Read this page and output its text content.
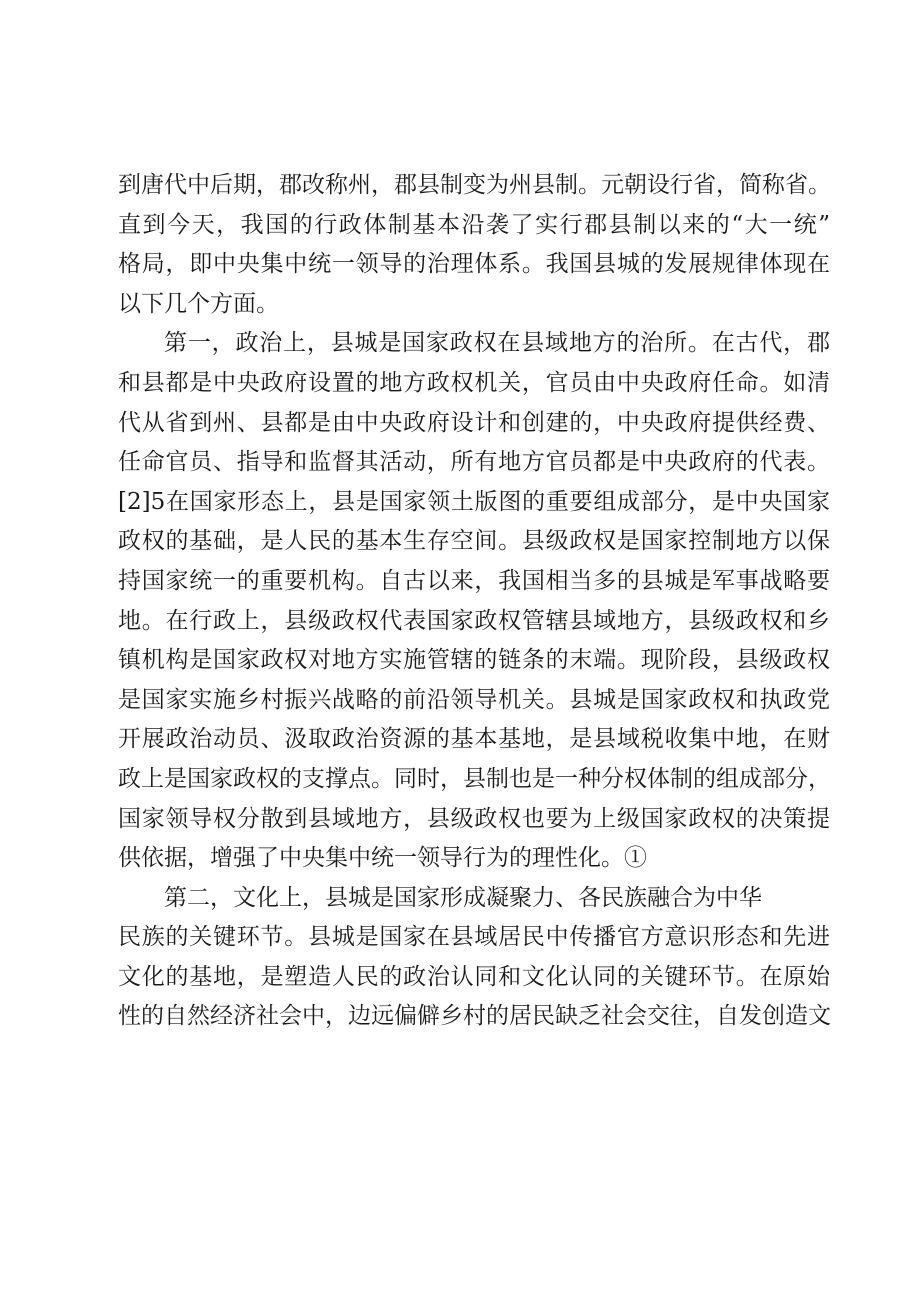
到唐代中后期，郡改称州，郡县制变为州县制。元朝设行省，简称省。
直到今天，我国的行政体制基本沿袭了实行郡县制以来的“大一统”
格局，即中央集中统一领导的治理体系。我国县城的发展规律体现在
以下几个方面。
第一，政治上，县城是国家政权在县域地方的治所。在古代，郡
和县都是中央政府设置的地方政权机关，官员由中央政府任命。如清
代从省到州、县都是由中央政府设计和创建的，中央政府提供经费、
任命官员、指导和监督其活动，所有地方官员都是中央政府的代表。
[2]5在国家形态上，县是国家领土版图的重要组成部分，是中央国家
政权的基础，是人民的基本生存空间。县级政权是国家控制地方以保
持国家统一的重要机构。自古以来，我国相当多的县城是军事战略要
地。在行政上，县级政权代表国家政权管辖县域地方，县级政权和乡
镇机构是国家政权对地方实施管辖的链条的末端。现阶段，县级政权
是国家实施乡村振兴战略的前沿领导机关。县城是国家政权和执政党
开展政治动员、汲取政治资源的基本基地，是县域税收集中地，在财
政上是国家政权的支撑点。同时，县制也是一种分权体制的组成部分，
国家领导权分散到县域地方，县级政权也要为上级国家政权的决策提
供依据，增强了中央集中统一领导行为的理性化。①
第二，文化上，县城是国家形成凝聚力、各民族融合为中华
民族的关键环节。县城是国家在县域居民中传播官方意识形态和先进
文化的基地，是塑造人民的政治认同和文化认同的关键环节。在原始
性的自然经济社会中，边远偏僻乡村的居民缺乏社会交往，自发创造文
